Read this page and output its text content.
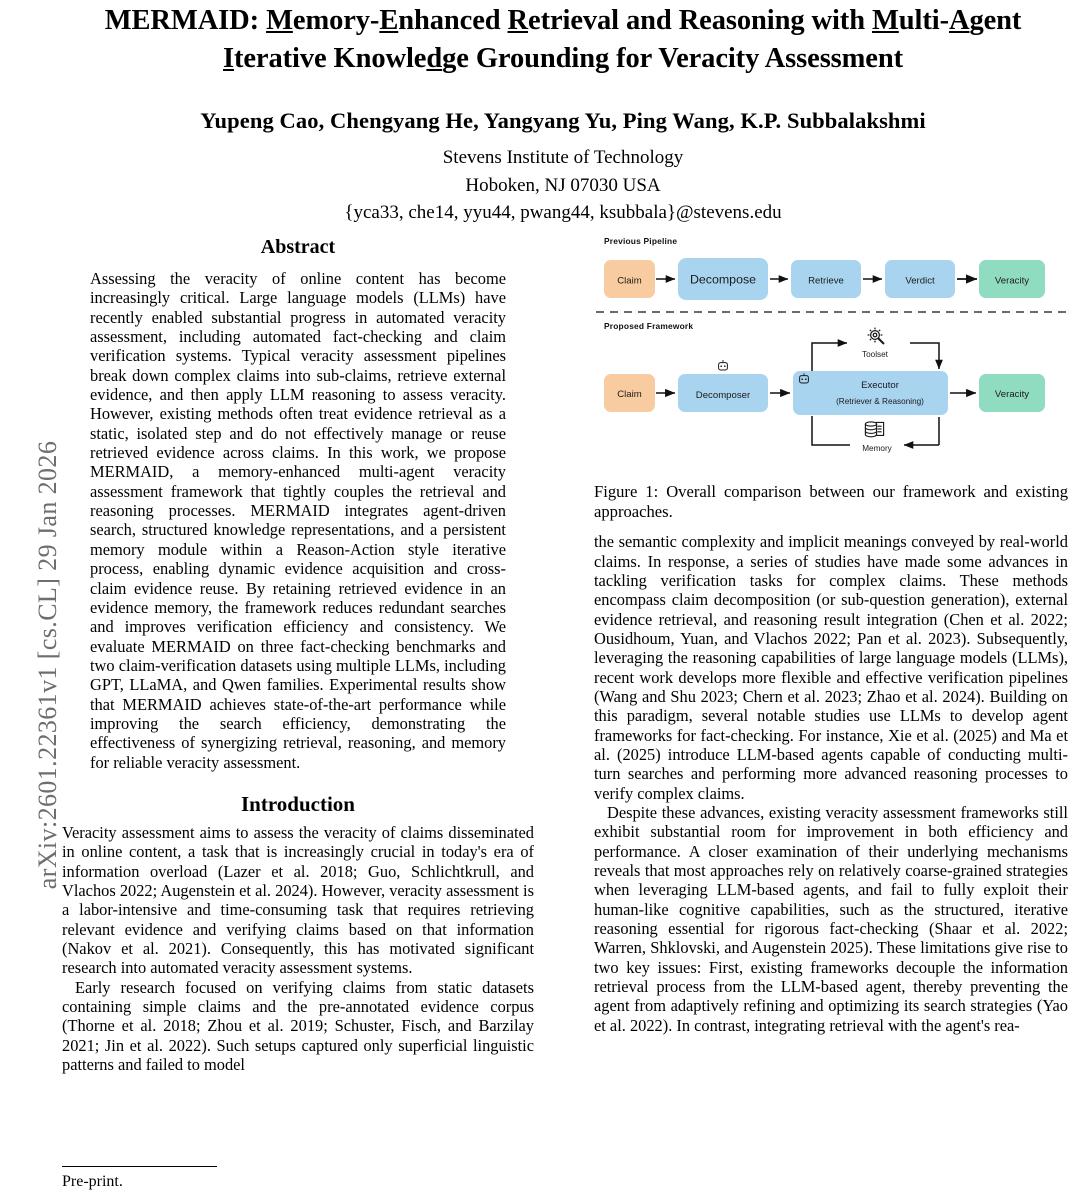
arXiv:2601.22361v1 [cs.CL] 29 Jan 2026
MERMAID: Memory-Enhanced Retrieval and Reasoning with Multi-Agent
Iterative Knowledge Grounding for Veracity Assessment
Yupeng Cao, Chengyang He, Yangyang Yu, Ping Wang, K.P. Subbalakshmi
Stevens Institute of Technology
Hoboken, NJ 07030 USA
{yca33, che14, yyu44, pwang44, ksubbala}@stevens.edu
Abstract

Assessing the veracity of online content has become increasingly critical. Large language models (LLMs) have recently enabled substantial progress in automated veracity assessment, including automated fact-checking and claim verification systems. Typical veracity assessment pipelines break down complex claims into sub-claims, retrieve external evidence, and then apply LLM reasoning to assess veracity. However, existing methods often treat evidence retrieval as a static, isolated step and do not effectively manage or reuse retrieved evidence across claims. In this work, we propose MERMAID, a memory-enhanced multi-agent veracity assessment framework that tightly couples the retrieval and reasoning processes. MERMAID integrates agent-driven search, structured knowledge representations, and a persistent memory module within a Reason-Action style iterative process, enabling dynamic evidence acquisition and cross-claim evidence reuse. By retaining retrieved evidence in an evidence memory, the framework reduces redundant searches and improves verification efficiency and consistency. We evaluate MERMAID on three fact-checking benchmarks and two claim-verification datasets using multiple LLMs, including GPT, LLaMA, and Qwen families. Experimental results show that MERMAID achieves state-of-the-art performance while improving the search efficiency, demonstrating the effectiveness of synergizing retrieval, reasoning, and memory for reliable veracity assessment.

Introduction

Veracity assessment aims to assess the veracity of claims disseminated in online content, a task that is increasingly crucial in today's era of information overload (Lazer et al. 2018; Guo, Schlichtkrull, and Vlachos 2022; Augenstein et al. 2024). However, veracity assessment is a labor-intensive and time-consuming task that requires retrieving relevant evidence and verifying claims based on that information (Nakov et al. 2021). Consequently, this has motivated significant research into automated veracity assessment systems.

Early research focused on verifying claims from static datasets containing simple claims and the pre-annotated evidence corpus (Thorne et al. 2018; Zhou et al. 2019; Schuster, Fisch, and Barzilay 2021; Jin et al. 2022). Such setups captured only superficial linguistic patterns and failed to model

Previous Pipeline
Claim	Decompose	Retrieve	Verdict	Veracity
Proposed Framework
Claim	Decomposer
Executor
(Retriever & Reasoning)
Veracity
Toolset
Memory

Figure 1: Overall comparison between our framework and existing approaches.

the semantic complexity and implicit meanings conveyed by real-world claims. In response, a series of studies have made some advances in tackling verification tasks for complex claims. These methods encompass claim decomposition (or sub-question generation), external evidence retrieval, and reasoning result integration (Chen et al. 2022; Ousidhoum, Yuan, and Vlachos 2022; Pan et al. 2023). Subsequently, leveraging the reasoning capabilities of large language models (LLMs), recent work develops more flexible and effective verification pipelines (Wang and Shu 2023; Chern et al. 2023; Zhao et al. 2024). Building on this paradigm, several notable studies use LLMs to develop agent frameworks for fact-checking. For instance, Xie et al. (2025) and Ma et al. (2025) introduce LLM-based agents capable of conducting multi-turn searches and performing more advanced reasoning processes to verify complex claims.

Despite these advances, existing veracity assessment frameworks still exhibit substantial room for improvement in both efficiency and performance. A closer examination of their underlying mechanisms reveals that most approaches rely on relatively coarse-grained strategies when leveraging LLM-based agents, and fail to fully exploit their human-like cognitive capabilities, such as the structured, iterative reasoning essential for rigorous fact-checking (Shaar et al. 2022; Warren, Shklovski, and Augenstein 2025). These limitations give rise to two key issues: First, existing frameworks decouple the information retrieval process from the LLM-based agent, thereby preventing the agent from adaptively refining and optimizing its search strategies (Yao et al. 2022). In contrast, integrating retrieval with the agent's rea-

Pre-print.
